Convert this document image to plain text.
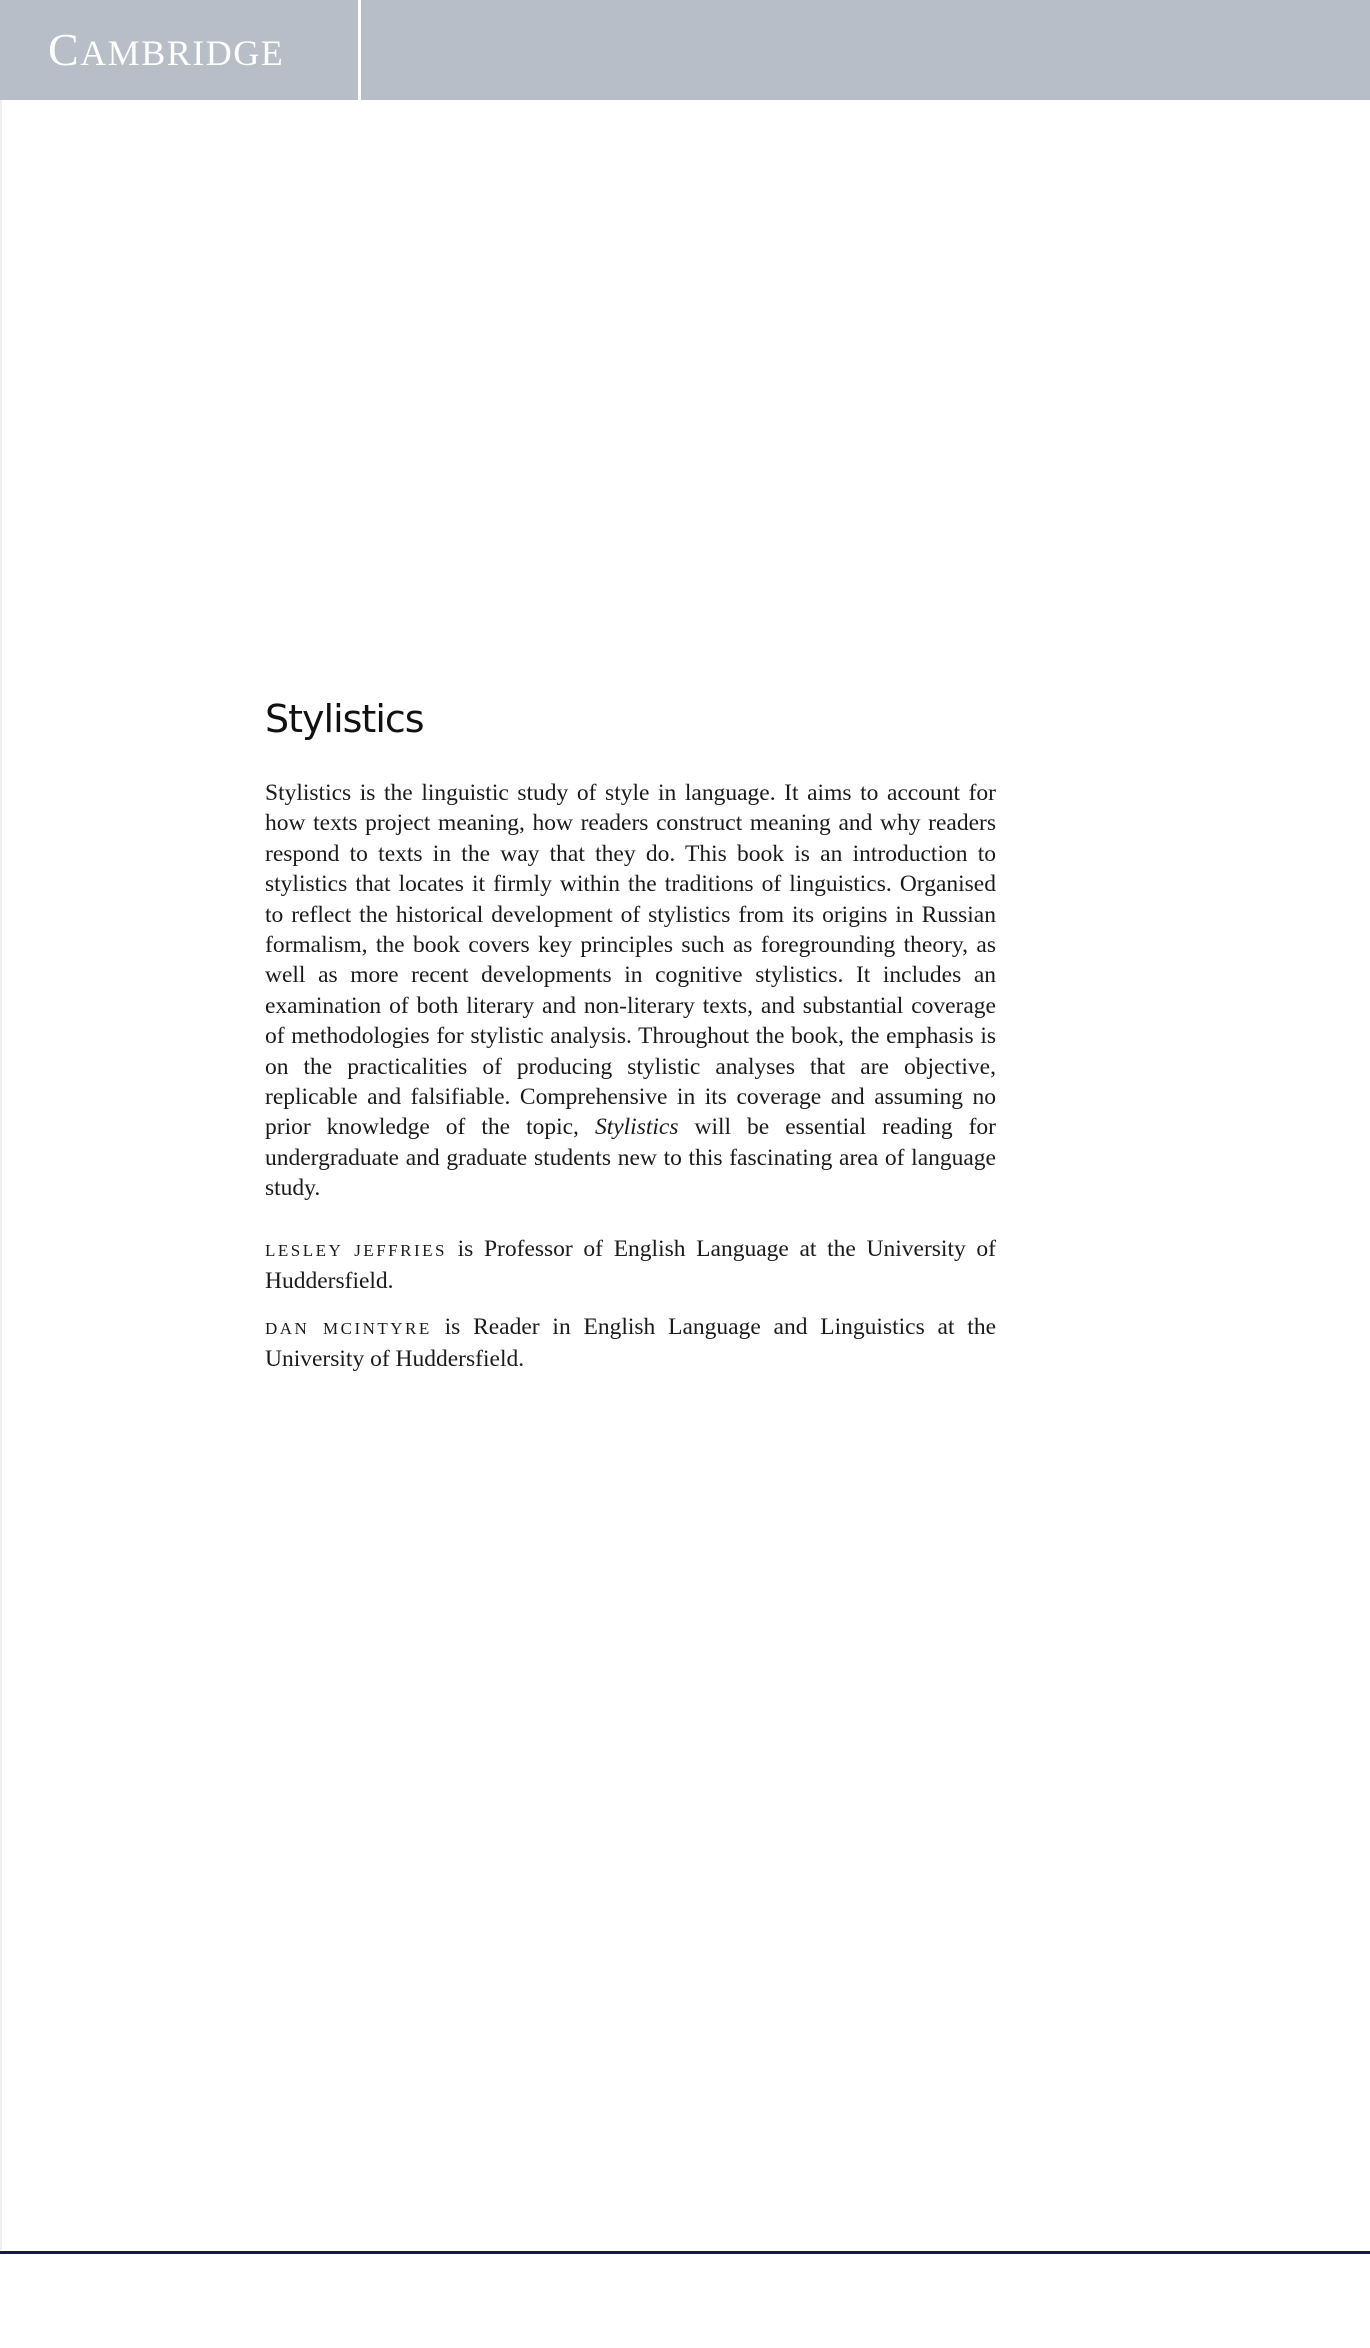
CAMBRIDGE
Stylistics

Stylistics is the linguistic study of style in language. It aims to account for how texts project meaning, how readers construct meaning and why readers respond to texts in the way that they do. This book is an introduction to stylistics that locates it firmly within the traditions of linguistics. Organised to reflect the historical development of stylistics from its origins in Russian formalism, the book covers key principles such as foregrounding theory, as well as more recent developments in cognitive stylistics. It includes an examination of both literary and non-literary texts, and substantial coverage of methodologies for stylistic analysis. Throughout the book, the emphasis is on the practicalities of producing stylistic analyses that are objective, replicable and falsifiable. Comprehensive in its coverage and assuming no prior knowledge of the topic, Stylistics will be essential reading for undergraduate and graduate students new to this fascinating area of language study.

LESLEY JEFFRIES is Professor of English Language at the University of Huddersfield.

DAN MCINTYRE is Reader in English Language and Linguistics at the University of Huddersfield.
